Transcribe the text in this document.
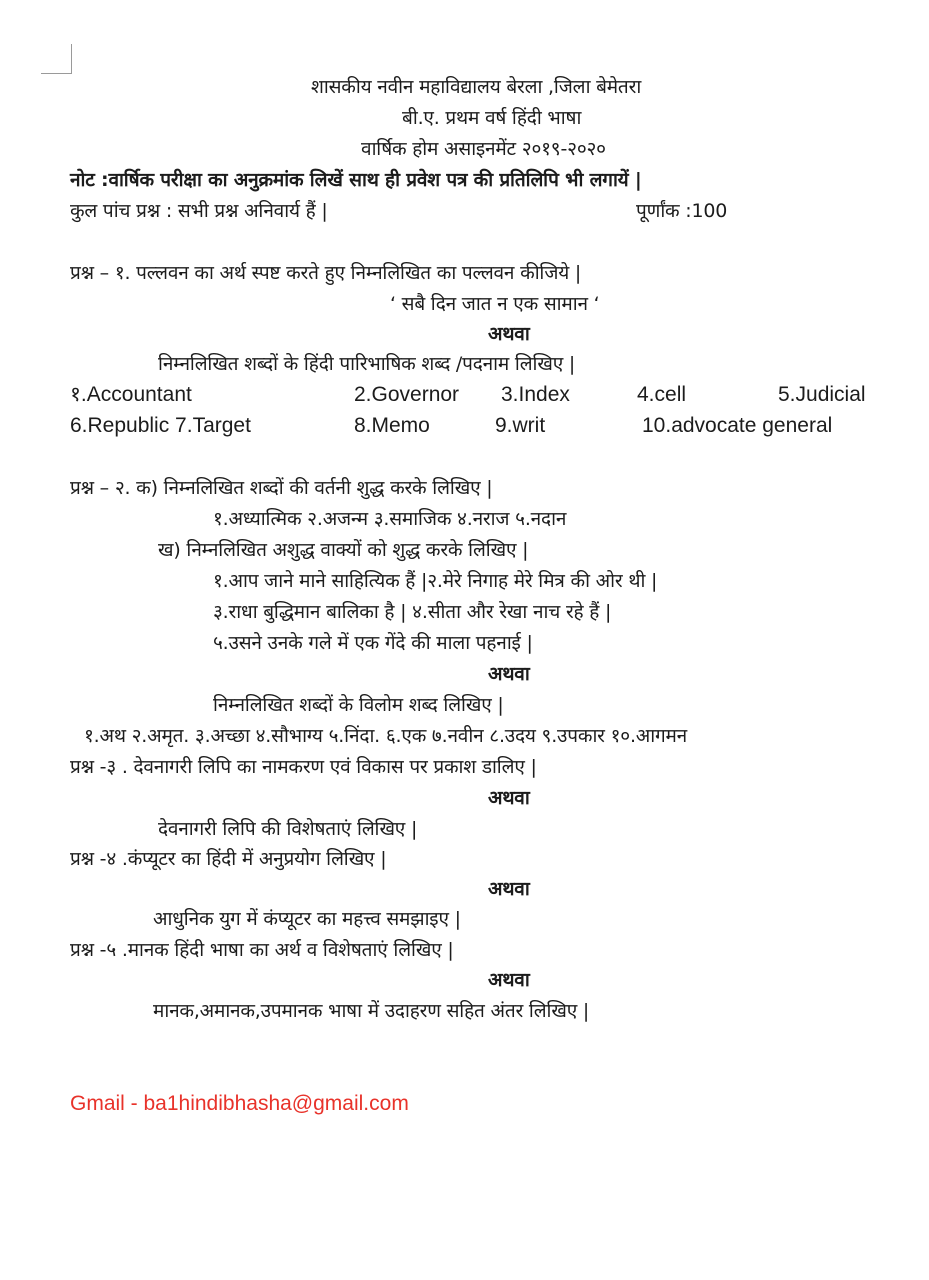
शासकीय नवीन महाविद्यालय बेरला ,जिला बेमेतरा
बी.ए. प्रथम वर्ष हिंदी भाषा
वार्षिक होम असाइनमेंट २०१९-२०२०
नोट :वार्षिक परीक्षा का अनुक्रमांक लिखें साथ ही प्रवेश पत्र की प्रतिलिपि भी लगायें |
कुल पांच प्रश्न : सभी प्रश्न अनिवार्य हैं |	पूर्णांक :100
प्रश्न – १. पल्लवन का अर्थ स्पष्ट करते हुए निम्नलिखित का पल्लवन कीजिये |
‘ सबै दिन जात न एक सामान ‘
अथवा
निम्नलिखित शब्दों के हिंदी पारिभाषिक शब्द /पदनाम लिखिए |
१.Accountant	2.Governor 3.Index	4.cell	5.Judicial
6.Republic 7.Target	8.Memo	9.writ	10.advocate general
प्रश्न – २. क) निम्नलिखित शब्दों की वर्तनी शुद्ध करके लिखिए |
१.अध्यात्मिक २.अजन्म ३.समाजिक ४.नराज ५.नदान
ख) निम्नलिखित अशुद्ध वाक्यों को शुद्ध करके लिखिए |
१.आप जाने माने साहित्यिक हैं |२.मेरे निगाह मेरे मित्र की ओर थी |
३.राधा बुद्धिमान बालिका है | ४.सीता और रेखा नाच रहे हैं |
५.उसने उनके गले में एक गेंदे की माला पहनाई |
अथवा
निम्नलिखित शब्दों के विलोम शब्द लिखिए |
१.अथ २.अमृत. ३.अच्छा ४.सौभाग्य ५.निंदा. ६.एक ७.नवीन ८.उदय ९.उपकार १०.आगमन
प्रश्न -३ . देवनागरी लिपि का नामकरण एवं विकास पर प्रकाश डालिए |
अथवा
देवनागरी लिपि की विशेषताएं लिखिए |
प्रश्न -४ .कंप्यूटर का हिंदी में अनुप्रयोग लिखिए |
अथवा
आधुनिक युग में कंप्यूटर का महत्त्व समझाइए |
प्रश्न -५ .मानक हिंदी भाषा का अर्थ व विशेषताएं लिखिए |
अथवा
मानक,अमानक,उपमानक भाषा में उदाहरण सहित अंतर लिखिए |
Gmail - ba1hindibhasha@gmail.com
